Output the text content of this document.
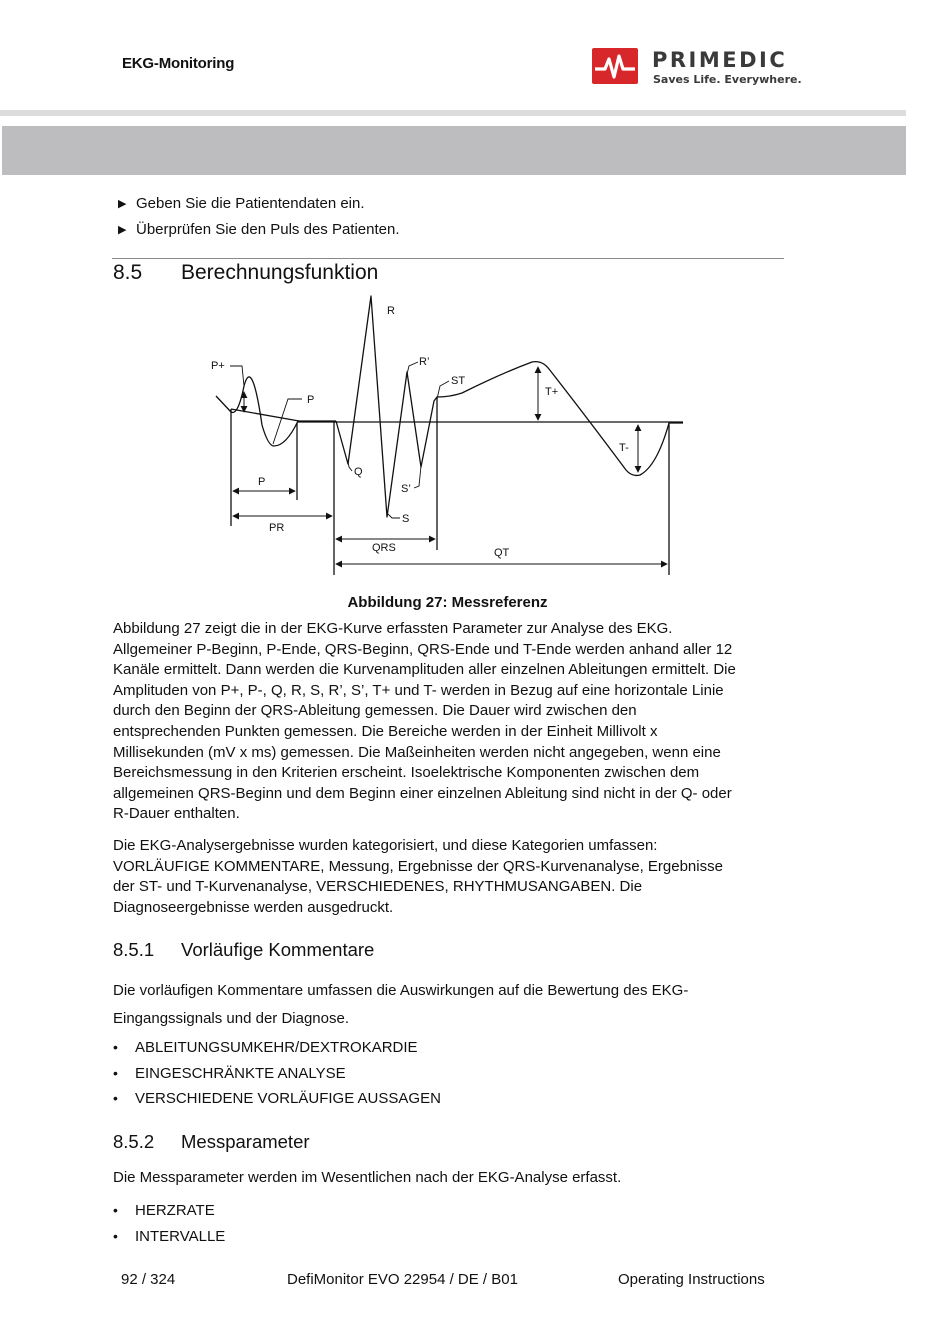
EKG-Monitoring	PRIMEDIC
Saves Life. Everywhere.
▶ Geben Sie die Patientendaten ein.
▶ Überprüfen Sie den Puls des Patienten.
8.5 Berechnungsfunktion
R
R’
P+
P
ST
T+
T-
Q
S’
S
P
PR
QRS	QT
Abbildung 27: Messreferenz

Abbildung 27 zeigt die in der EKG-Kurve erfassten Parameter zur Analyse des EKG.

Allgemeiner P-Beginn, P-Ende, QRS-Beginn, QRS-Ende und T-Ende werden anhand aller 12

Kanäle ermittelt. Dann werden die Kurvenamplituden aller einzelnen Ableitungen ermittelt. Die

Amplituden von P+, P-, Q, R, S, R’, S’, T+ und T- werden in Bezug auf eine horizontale Linie

durch den Beginn der QRS-Ableitung gemessen. Die Dauer wird zwischen den

entsprechenden Punkten gemessen. Die Bereiche werden in der Einheit Millivolt x

Millisekunden (mV x ms) gemessen. Die Maßeinheiten werden nicht angegeben, wenn eine

Bereichsmessung in den Kriterien erscheint. Isoelektrische Komponenten zwischen dem

allgemeinen QRS-Beginn und dem Beginn einer einzelnen Ableitung sind nicht in der Q- oder

R-Dauer enthalten.

Die EKG-Analysergebnisse wurden kategorisiert, und diese Kategorien umfassen:

VORLÄUFIGE KOMMENTARE, Messung, Ergebnisse der QRS-Kurvenanalyse, Ergebnisse

der ST- und T-Kurvenanalyse, VERSCHIEDENES, RHYTHMUSANGABEN. Die

Diagnoseergebnisse werden ausgedruckt.

8.5.1 Vorläufige Kommentare

Die vorläufigen Kommentare umfassen die Auswirkungen auf die Bewertung des EKG-

Eingangssignals und der Diagnose.

• ABLEITUNGSUMKEHR/DEXTROKARDIE
• EINGESCHRÄNKTE ANALYSE
• VERSCHIEDENE VORLÄUFIGE AUSSAGEN
8.5.2 Messparameter
Die Messparameter werden im Wesentlichen nach der EKG-Analyse erfasst.
• HERZRATE
• INTERVALLE
92 / 324	DefiMonitor EVO 22954 / DE / B01	Operating Instructions
